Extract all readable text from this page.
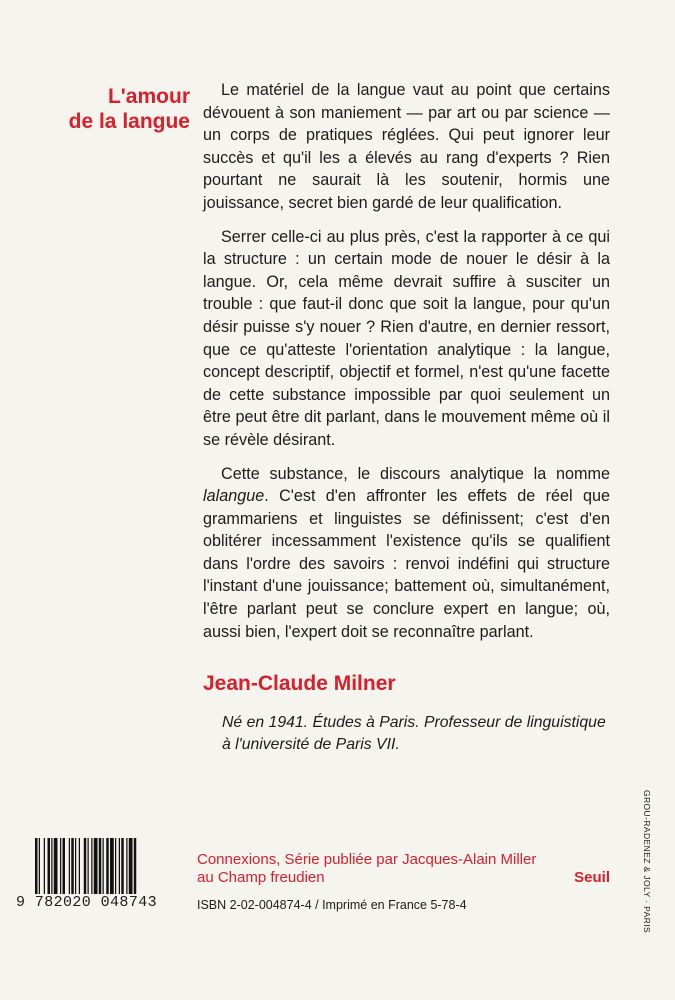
L'amour
de la langue

Le matériel de la langue vaut au point que certains dévouent à son maniement — par art ou par science — un corps de pratiques réglées. Qui peut ignorer leur succès et qu'il les a élevés au rang d'experts ? Rien pourtant ne saurait là les soutenir, hormis une jouissance, secret bien gardé de leur qualification.

Serrer celle-ci au plus près, c'est la rapporter à ce qui la structure : un certain mode de nouer le désir à la langue. Or, cela même devrait suffire à susciter un trouble : que faut-il donc que soit la langue, pour qu'un désir puisse s'y nouer ? Rien d'autre, en dernier ressort, que ce qu'atteste l'orientation analytique : la langue, concept descriptif, objectif et formel, n'est qu'une facette de cette substance impossible par quoi seulement un être peut être dit parlant, dans le mouvement même où il se révèle désirant.

Cette substance, le discours analytique la nomme lalangue. C'est d'en affronter les effets de réel que grammariens et linguistes se définissent; c'est d'en oblitérer incessamment l'existence qu'ils se qualifient dans l'ordre des savoirs : renvoi indéfini qui structure l'instant d'une jouissance; battement où, simultanément, l'être parlant peut se conclure expert en langue; où, aussi bien, l'expert doit se reconnaître parlant.

Jean-Claude Milner
Né en 1941. Études à Paris. Professeur de linguistique à l'université de Paris VII.
9 782020 048743
Connexions, Série publiée par Jacques-Alain Miller
au Champ freudien	Seuil
ISBN 2-02-004874-4 / Imprimé en France 5-78-4	GROU-RADENEZ & JOLY · PARIS
